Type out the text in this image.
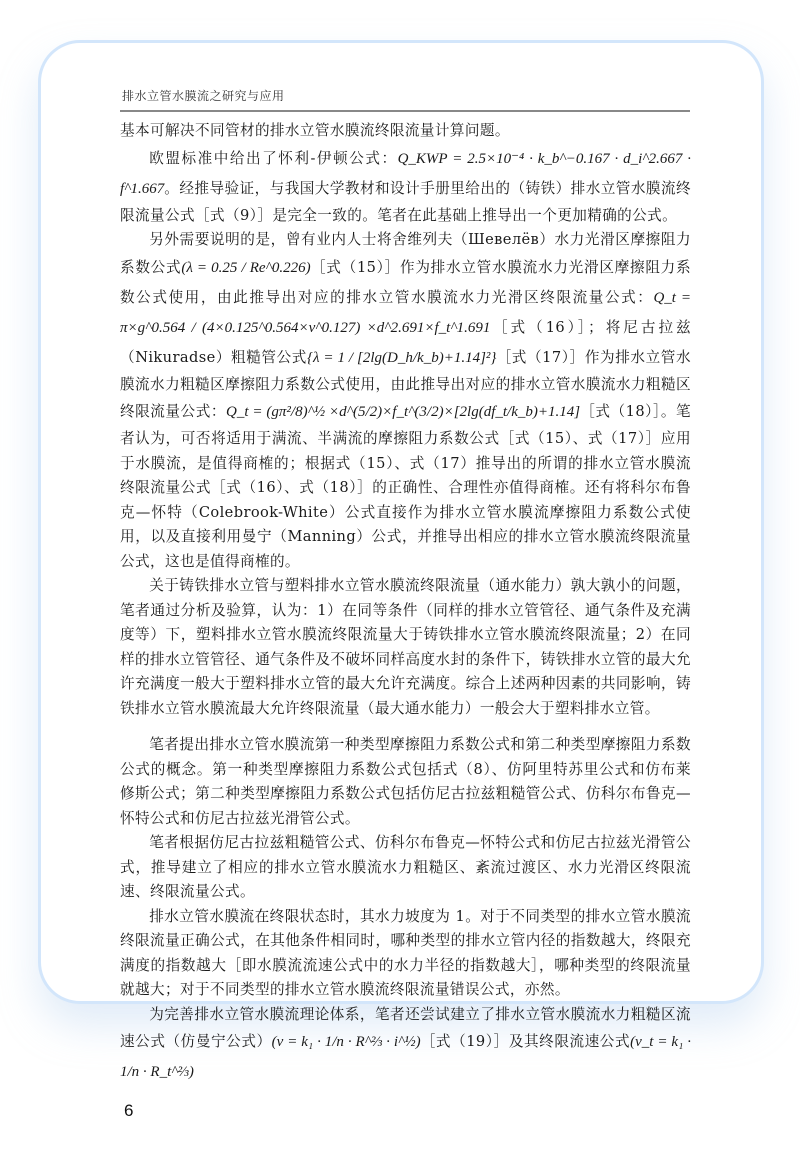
排水立管水膜流之研究与应用

基本可解决不同管材的排水立管水膜流终限流量计算问题。

欧盟标准中给出了怀利-伊顿公式：Q_KWP = 2.5×10⁻⁴ · k_b^−0.167 · d_i^2.667 · f^1.667。经推导验证，与我国大学教材和设计手册里给出的（铸铁）排水立管水膜流终限流量公式［式（9）］是完全一致的。笔者在此基础上推导出一个更加精确的公式。

另外需要说明的是，曾有业内人士将舍维列夫（Шевелёв）水力光滑区摩擦阻力系数公式(λ = 0.25 / Re^0.226)［式（15）］作为排水立管水膜流水力光滑区摩擦阻力系数公式使用，由此推导出对应的排水立管水膜流水力光滑区终限流量公式：Q_t = π×g^0.564 / (4×0.125^0.564×ν^0.127) ×d^2.691×f_t^1.691［式（16）］；将尼古拉兹（Nikuradse）粗糙管公式{λ = 1 / [2lg(D_h/k_b)+1.14]²}［式（17）］作为排水立管水膜流水力粗糙区摩擦阻力系数公式使用，由此推导出对应的排水立管水膜流水力粗糙区终限流量公式：Q_t = (gπ²/8)^½ ×d^(5/2)×f_t^(3/2)×[2lg(df_t/k_b)+1.14]［式（18）］。笔者认为，可否将适用于满流、半满流的摩擦阻力系数公式［式（15）、式（17）］应用于水膜流，是值得商榷的；根据式（15）、式（17）推导出的所谓的排水立管水膜流终限流量公式［式（16）、式（18）］的正确性、合理性亦值得商榷。还有将科尔布鲁克—怀特（Colebrook-White）公式直接作为排水立管水膜流摩擦阻力系数公式使用，以及直接利用曼宁（Manning）公式，并推导出相应的排水立管水膜流终限流量公式，这也是值得商榷的。

关于铸铁排水立管与塑料排水立管水膜流终限流量（通水能力）孰大孰小的问题，笔者通过分析及验算，认为：1）在同等条件（同样的排水立管管径、通气条件及充满度等）下，塑料排水立管水膜流终限流量大于铸铁排水立管水膜流终限流量；2）在同样的排水立管管径、通气条件及不破坏同样高度水封的条件下，铸铁排水立管的最大允许充满度一般大于塑料排水立管的最大允许充满度。综合上述两种因素的共同影响，铸铁排水立管水膜流最大允许终限流量（最大通水能力）一般会大于塑料排水立管。

笔者提出排水立管水膜流第一种类型摩擦阻力系数公式和第二种类型摩擦阻力系数公式的概念。第一种类型摩擦阻力系数公式包括式（8）、仿阿里特苏里公式和仿布莱修斯公式；第二种类型摩擦阻力系数公式包括仿尼古拉兹粗糙管公式、仿科尔布鲁克—怀特公式和仿尼古拉兹光滑管公式。

笔者根据仿尼古拉兹粗糙管公式、仿科尔布鲁克—怀特公式和仿尼古拉兹光滑管公式，推导建立了相应的排水立管水膜流水力粗糙区、紊流过渡区、水力光滑区终限流速、终限流量公式。

排水立管水膜流在终限状态时，其水力坡度为 1。对于不同类型的排水立管水膜流终限流量正确公式，在其他条件相同时，哪种类型的排水立管内径的指数越大，终限充满度的指数越大［即水膜流流速公式中的水力半径的指数越大］，哪种类型的终限流量就越大；对于不同类型的排水立管水膜流终限流量错误公式，亦然。

为完善排水立管水膜流理论体系，笔者还尝试建立了排水立管水膜流水力粗糙区流速公式（仿曼宁公式）(v = k₁ · 1/n · R^⅔ · i^½)［式（19）］及其终限流速公式(v_t = k₁ · 1/n · R_t^⅔)

6
